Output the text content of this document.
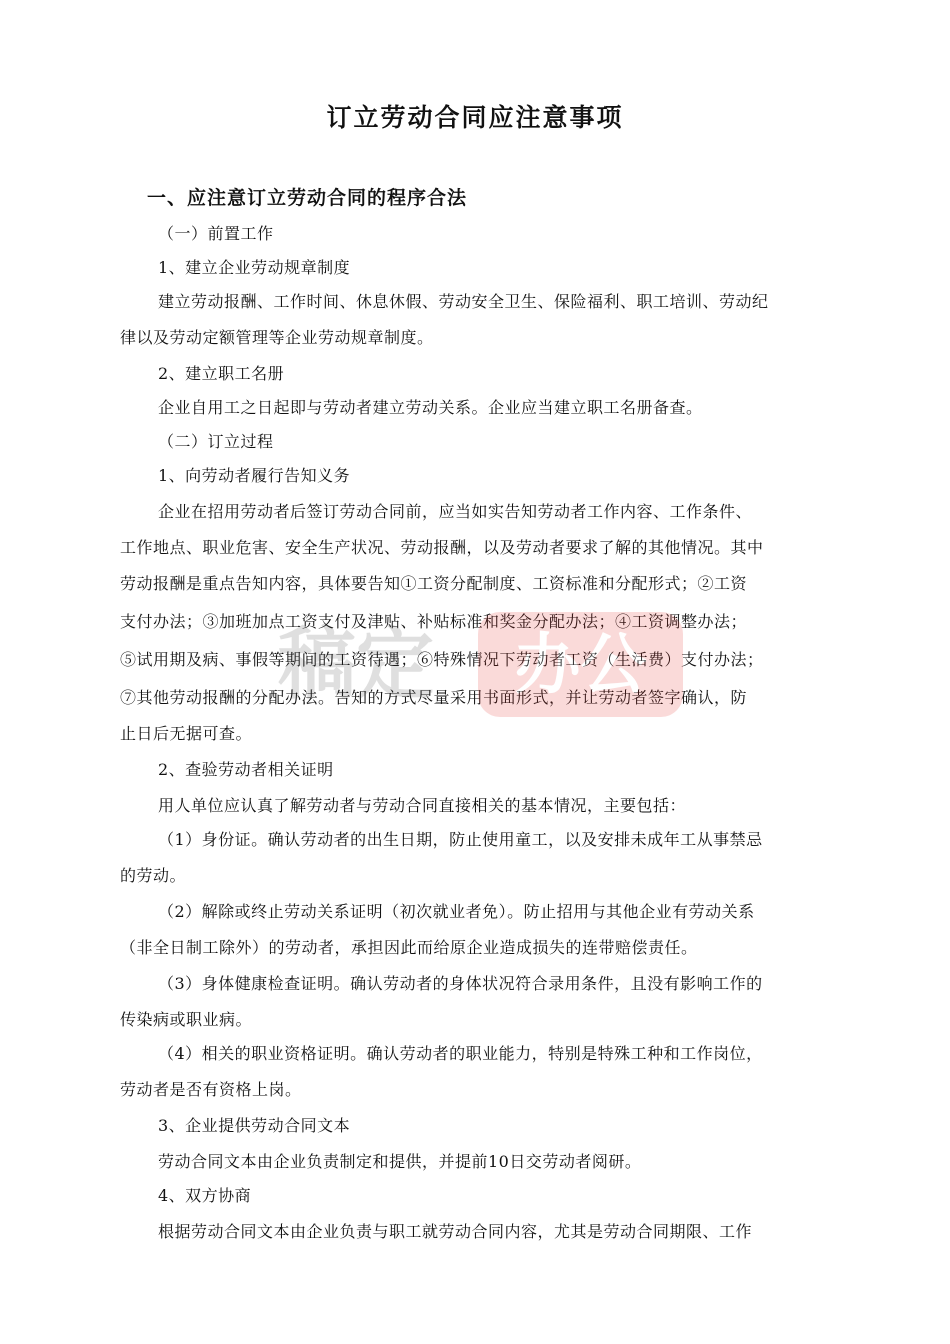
订立劳动合同应注意事项
一、应注意订立劳动合同的程序合法
（一）前置工作
1、建立企业劳动规章制度
建立劳动报酬、工作时间、休息休假、劳动安全卫生、保险福利、职工培训、劳动纪
律以及劳动定额管理等企业劳动规章制度。
2、建立职工名册
企业自用工之日起即与劳动者建立劳动关系。企业应当建立职工名册备查。
（二）订立过程
1、向劳动者履行告知义务
企业在招用劳动者后签订劳动合同前，应当如实告知劳动者工作内容、工作条件、
工作地点、职业危害、安全生产状况、劳动报酬，以及劳动者要求了解的其他情况。其中
劳动报酬是重点告知内容，具体要告知①工资分配制度、工资标准和分配形式；②工资
支付办法；③加班加点工资支付及津贴、补贴标准和奖金分配办法；④工资调整办法；
⑤试用期及病、事假等期间的工资待遇；⑥特殊情况下劳动者工资（生活费）支付办法；
⑦其他劳动报酬的分配办法。告知的方式尽量采用书面形式，并让劳动者签字确认，防
止日后无据可查。
2、查验劳动者相关证明
用人单位应认真了解劳动者与劳动合同直接相关的基本情况，主要包括：
（1）身份证。确认劳动者的出生日期，防止使用童工，以及安排未成年工从事禁忌
的劳动。
（2）解除或终止劳动关系证明（初次就业者免）。防止招用与其他企业有劳动关系
（非全日制工除外）的劳动者，承担因此而给原企业造成损失的连带赔偿责任。
（3）身体健康检查证明。确认劳动者的身体状况符合录用条件，且没有影响工作的
传染病或职业病。
（4）相关的职业资格证明。确认劳动者的职业能力，特别是特殊工种和工作岗位，
劳动者是否有资格上岗。
3、企业提供劳动合同文本
劳动合同文本由企业负责制定和提供，并提前10日交劳动者阅研。
4、双方协商
根据劳动合同文本由企业负责与职工就劳动合同内容，尤其是劳动合同期限、工作
稿定	办公
